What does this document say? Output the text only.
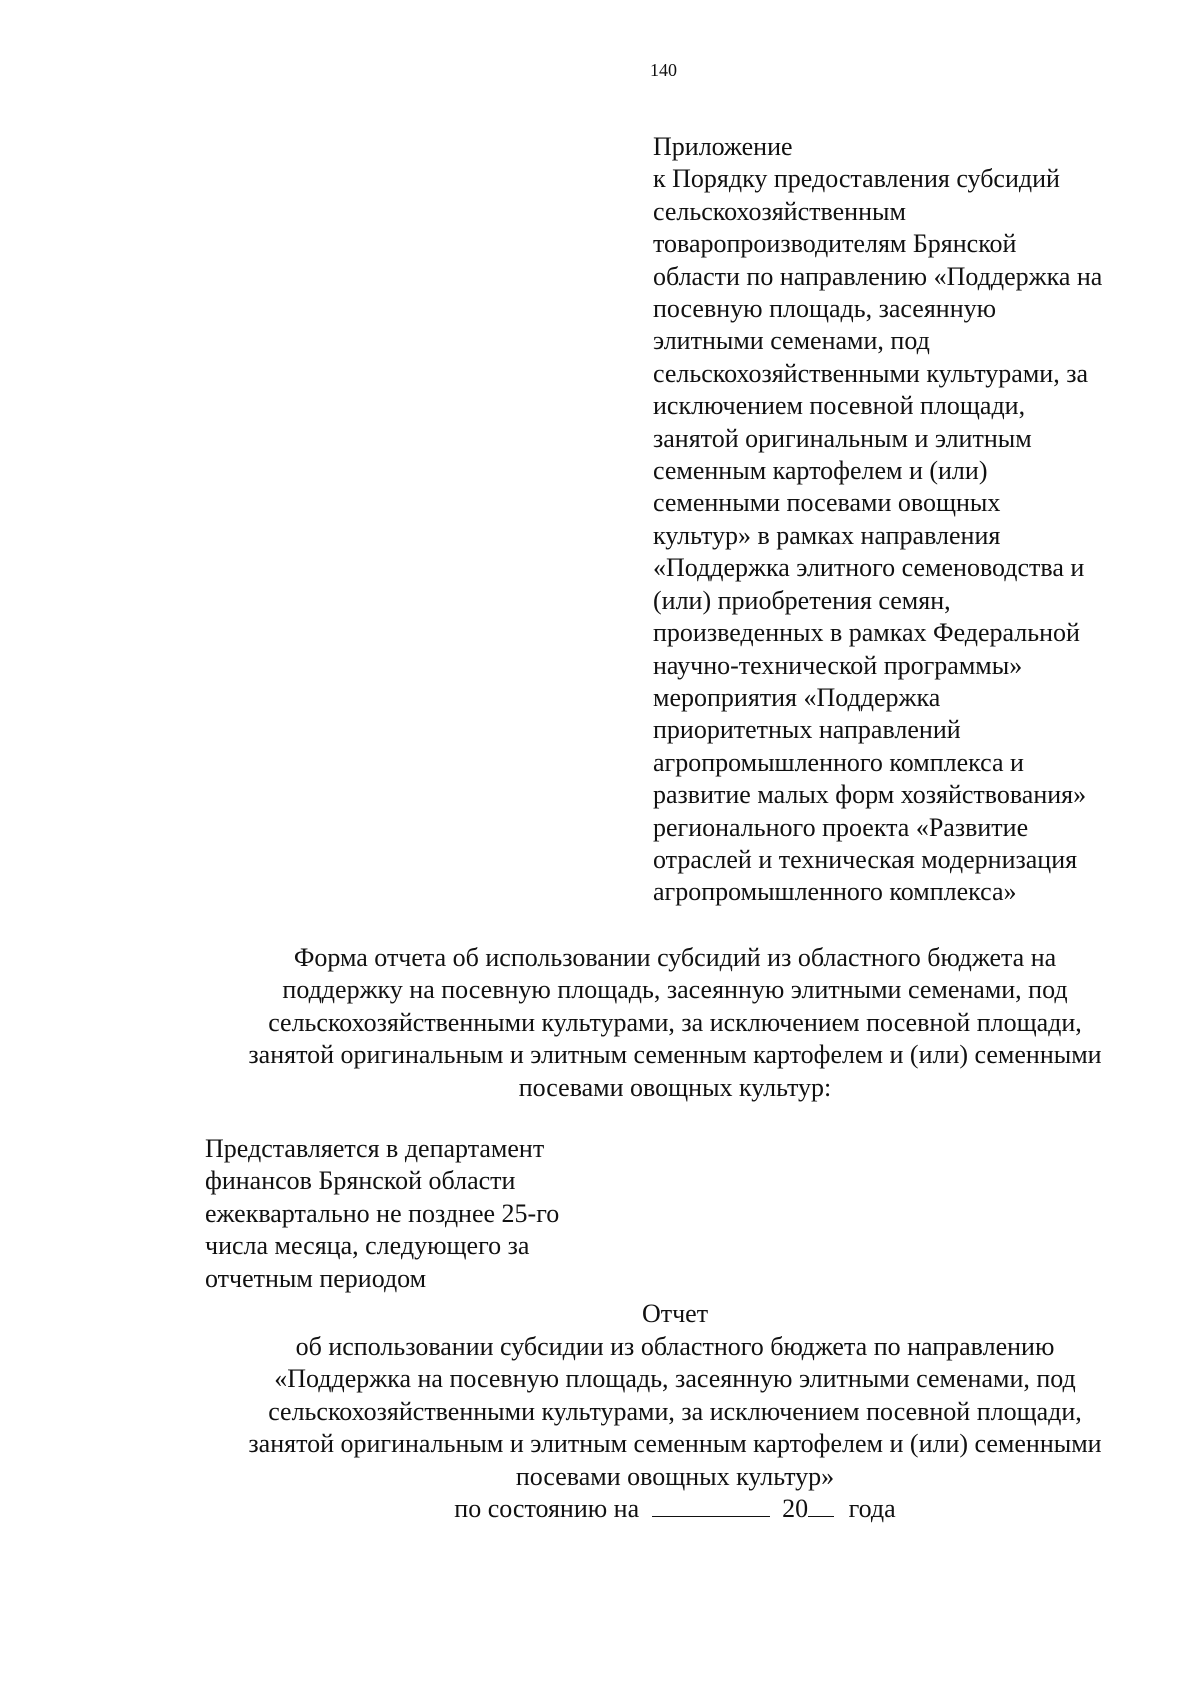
140
Приложение
к Порядку предоставления субсидий
сельскохозяйственным
товаропроизводителям Брянской
области по направлению «Поддержка на
посевную площадь, засеянную
элитными семенами, под
сельскохозяйственными культурами, за
исключением посевной площади,
занятой оригинальным и элитным
семенным картофелем и (или)
семенными посевами овощных
культур» в рамках направления
«Поддержка элитного семеноводства и
(или) приобретения семян,
произведенных в рамках Федеральной
научно-технической программы»
мероприятия «Поддержка
приоритетных направлений
агропромышленного комплекса и
развитие малых форм хозяйствования»
регионального проекта «Развитие
отраслей и техническая модернизация
агропромышленного комплекса»
Форма отчета об использовании субсидий из областного бюджета на
поддержку на посевную площадь, засеянную элитными семенами, под
сельскохозяйственными культурами, за исключением посевной площади,
занятой оригинальным и элитным семенным картофелем и (или) семенными
посевами овощных культур:
Представляется в департамент
финансов Брянской области
ежеквартально не позднее 25-го
числа месяца, следующего за
отчетным периодом
Отчет
об использовании субсидии из областного бюджета по направлению
«Поддержка на посевную площадь, засеянную элитными семенами, под
сельскохозяйственными культурами, за исключением посевной площади,
занятой оригинальным и элитным семенным картофелем и (или) семенными
посевами овощных культур»
по состоянию на	20 года
